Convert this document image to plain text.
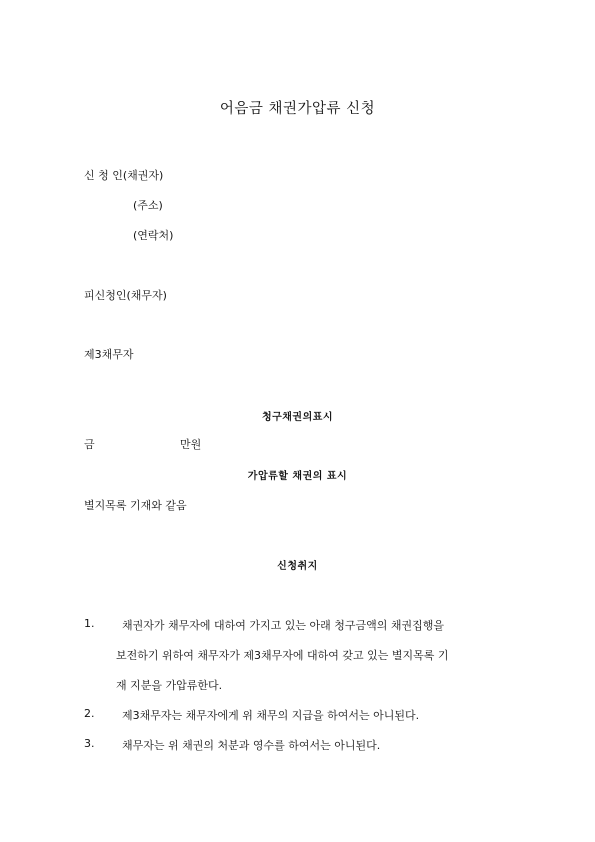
어음금 채권가압류 신청
신 청 인(채권자)
(주소)
(연락처)
피신청인(채무자)
제3채무자
청구채권의표시
금	만원
가압류할 채권의 표시
별지목록 기재와 같음
신청취지
1.	채권자가 채무자에 대하여 가지고 있는 아래 청구금액의 채권집행을
보전하기 위하여 채무자가 제3채무자에 대하여 갖고 있는 별지목록 기
재 지분을 가압류한다.
2.	제3채무자는 채무자에게 위 채무의 지급을 하여서는 아니된다.
3.	채무자는 위 채권의 처분과 영수를 하여서는 아니된다.
